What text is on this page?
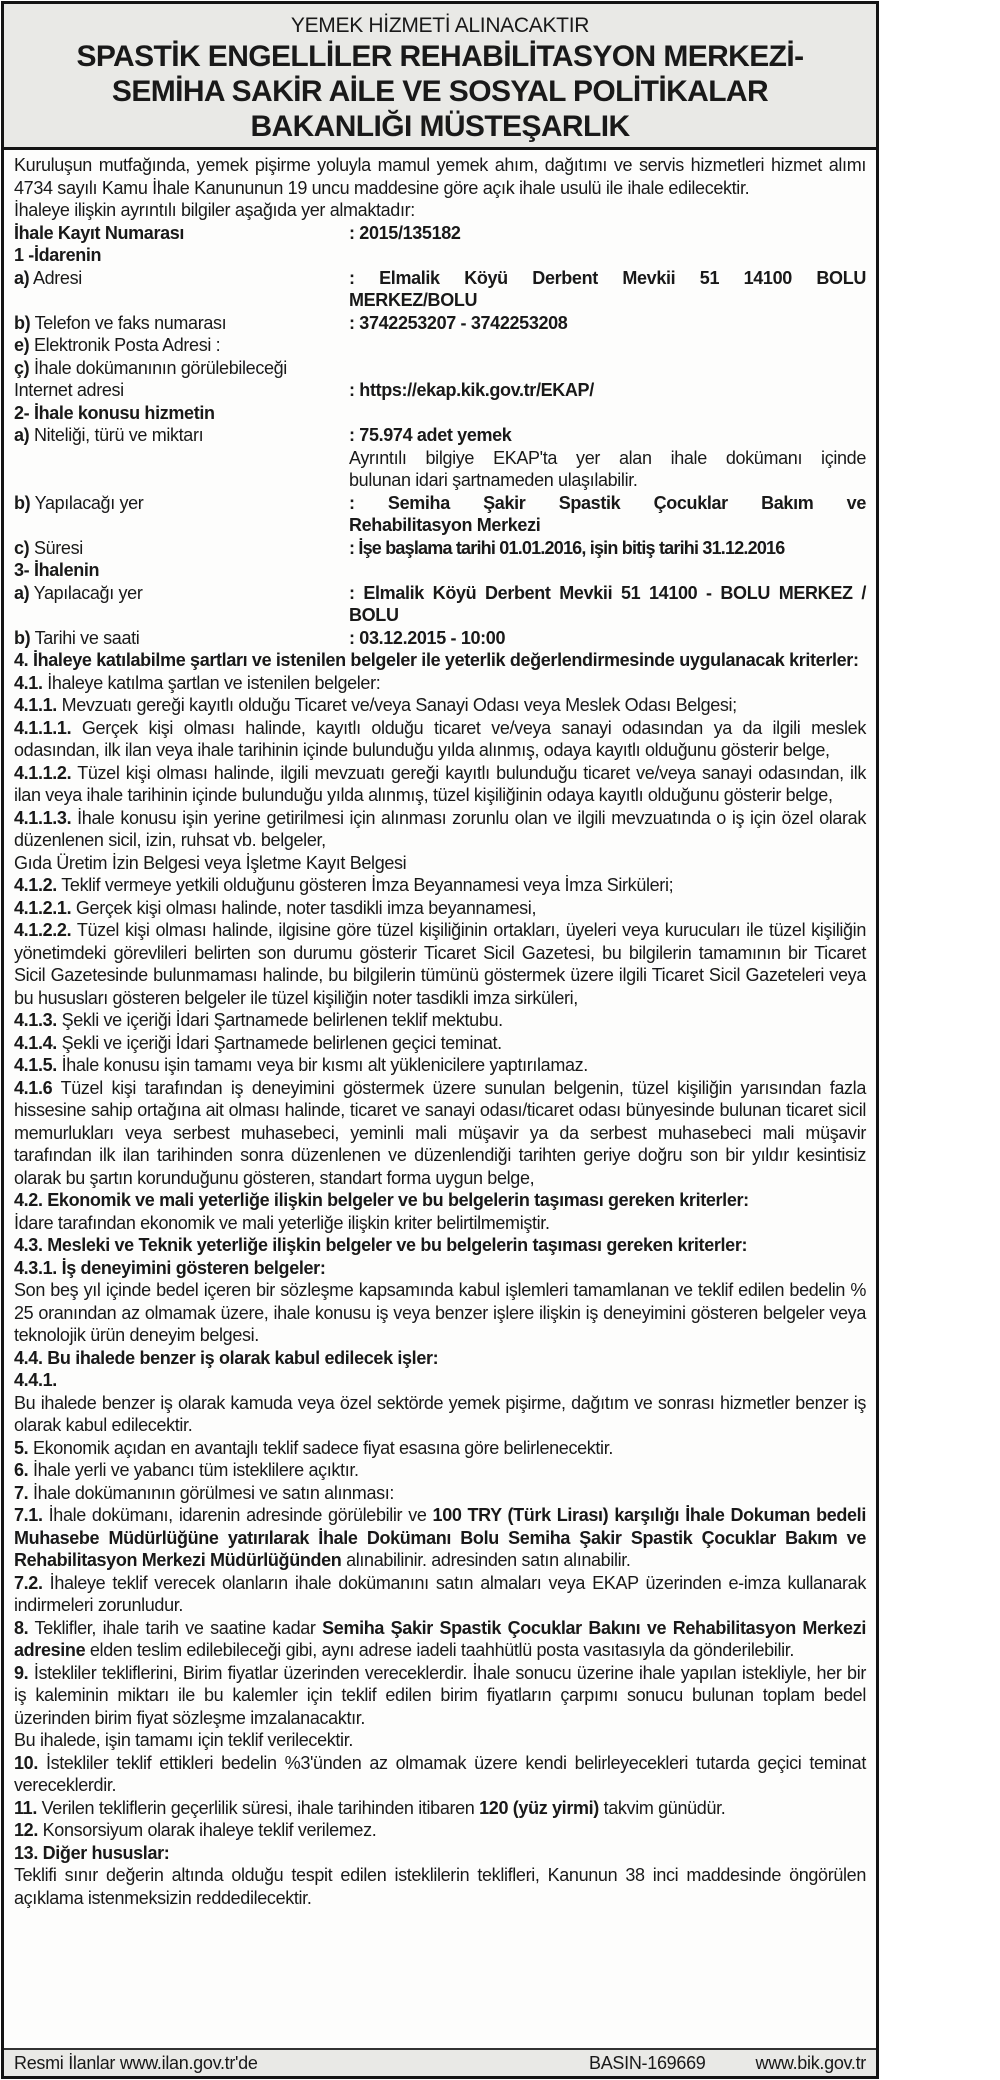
YEMEK HİZMETİ ALINACAKTIR
SPASTİK ENGELLİLER REHABİLİTASYON MERKEZİ-
SEMİHA SAKİR AİLE VE SOSYAL POLİTİKALAR
BAKANLIĞI MÜSTEŞARLIK
Kuruluşun mutfağında, yemek pişirme yoluyla mamul yemek ahım, dağıtımı ve servis hizmetleri hizmet alımı 4734 sayılı Kamu İhale Kanununun 19 uncu maddesine göre açık ihale usulü ile ihale edilecektir.
İhaleye ilişkin ayrıntılı bilgiler aşağıda yer almaktadır:
İhale Kayıt Numarası	: 2015/135182
1 -İdarenin
a) Adresi	: Elmalik Köyü Derbent Mevkii 51 14100 BOLU
MERKEZ/BOLU
b) Telefon ve faks numarası	: 3742253207 - 3742253208
e) Elektronik Posta Adresi :
ç) İhale dokümanının görülebileceği
Internet adresi	: https://ekap.kik.gov.tr/EKAP/
2- İhale konusu hizmetin
a) Niteliği, türü ve miktarı	: 75.974 adet yemek
Ayrıntılı bilgiye EKAP'ta yer alan ihale dokümanı içinde
bulunan idari şartnameden ulaşılabilir.
b) Yapılacağı yer	: Semiha Şakir Spastik Çocuklar Bakım ve
Rehabilitasyon Merkezi
c) Süresi	: İşe başlama tarihi 01.01.2016, işin bitiş tarihi 31.12.2016
3- İhalenin
a) Yapılacağı yer	: Elmalik Köyü Derbent Mevkii 51 14100 - BOLU MERKEZ /
BOLU
b) Tarihi ve saati	: 03.12.2015 - 10:00
4. İhaleye katılabilme şartları ve istenilen belgeler ile yeterlik değerlendirmesinde uygulanacak kriterler:
4.1. İhaleye katılma şartlan ve istenilen belgeler:
4.1.1. Mevzuatı gereği kayıtlı olduğu Ticaret ve/veya Sanayi Odası veya Meslek Odası Belgesi;
4.1.1.1. Gerçek kişi olması halinde, kayıtlı olduğu ticaret ve/veya sanayi odasından ya da ilgili meslek odasından, ilk ilan veya ihale tarihinin içinde bulunduğu yılda alınmış, odaya kayıtlı olduğunu gösterir belge,
4.1.1.2. Tüzel kişi olması halinde, ilgili mevzuatı gereği kayıtlı bulunduğu ticaret ve/veya sanayi odasından, ilk ilan veya ihale tarihinin içinde bulunduğu yılda alınmış, tüzel kişiliğinin odaya kayıtlı olduğunu gösterir belge,
4.1.1.3. İhale konusu işin yerine getirilmesi için alınması zorunlu olan ve ilgili mevzuatında o iş için özel olarak düzenlenen sicil, izin, ruhsat vb. belgeler,
Gıda Üretim İzin Belgesi veya İşletme Kayıt Belgesi
4.1.2. Teklif vermeye yetkili olduğunu gösteren İmza Beyannamesi veya İmza Sirküleri;
4.1.2.1. Gerçek kişi olması halinde, noter tasdikli imza beyannamesi,
4.1.2.2. Tüzel kişi olması halinde, ilgisine göre tüzel kişiliğinin ortakları, üyeleri veya kurucuları ile tüzel kişiliğin yönetimdeki görevlileri belirten son durumu gösterir Ticaret Sicil Gazetesi, bu bilgilerin tamamının bir Ticaret Sicil Gazetesinde bulunmaması halinde, bu bilgilerin tümünü göstermek üzere ilgili Ticaret Sicil Gazeteleri veya bu hususları gösteren belgeler ile tüzel kişiliğin noter tasdikli imza sirküleri,
4.1.3. Şekli ve içeriği İdari Şartnamede belirlenen teklif mektubu.
4.1.4. Şekli ve içeriği İdari Şartnamede belirlenen geçici teminat.
4.1.5. İhale konusu işin tamamı veya bir kısmı alt yüklenicilere yaptırılamaz.
4.1.6 Tüzel kişi tarafından iş deneyimini göstermek üzere sunulan belgenin, tüzel kişiliğin yarısından fazla hissesine sahip ortağına ait olması halinde, ticaret ve sanayi odası/ticaret odası bünyesinde bulunan ticaret sicil memurlukları veya serbest muhasebeci, yeminli mali müşavir ya da serbest muhasebeci mali müşavir tarafından ilk ilan tarihinden sonra düzenlenen ve düzenlendiği tarihten geriye doğru son bir yıldır kesintisiz olarak bu şartın korunduğunu gösteren, standart forma uygun belge,
4.2. Ekonomik ve mali yeterliğe ilişkin belgeler ve bu belgelerin taşıması gereken kriterler:
İdare tarafından ekonomik ve mali yeterliğe ilişkin kriter belirtilmemiştir.
4.3. Mesleki ve Teknik yeterliğe ilişkin belgeler ve bu belgelerin taşıması gereken kriterler:
4.3.1. İş deneyimini gösteren belgeler:
Son beş yıl içinde bedel içeren bir sözleşme kapsamında kabul işlemleri tamamlanan ve teklif edilen bedelin % 25 oranından az olmamak üzere, ihale konusu iş veya benzer işlere ilişkin iş deneyimini gösteren belgeler veya teknolojik ürün deneyim belgesi.
4.4. Bu ihalede benzer iş olarak kabul edilecek işler:
4.4.1.
Bu ihalede benzer iş olarak kamuda veya özel sektörde yemek pişirme, dağıtım ve sonrası hizmetler benzer iş olarak kabul edilecektir.
5. Ekonomik açıdan en avantajlı teklif sadece fiyat esasına göre belirlenecektir.
6. İhale yerli ve yabancı tüm isteklilere açıktır.
7. İhale dokümanının görülmesi ve satın alınması:
7.1. İhale dokümanı, idarenin adresinde görülebilir ve 100 TRY (Türk Lirası) karşılığı İhale Dokuman bedeli Muhasebe Müdürlüğüne yatırılarak İhale Dokümanı Bolu Semiha Şakir Spastik Çocuklar Bakım ve Rehabilitasyon Merkezi Müdürlüğünden alınabilinir. adresinden satın alınabilir.
7.2. İhaleye teklif verecek olanların ihale dokümanını satın almaları veya EKAP üzerinden e-imza kullanarak indirmeleri zorunludur.
8. Teklifler, ihale tarih ve saatine kadar Semiha Şakir Spastik Çocuklar Bakını ve Rehabilitasyon Merkezi adresine elden teslim edilebileceği gibi, aynı adrese iadeli taahhütlü posta vasıtasıyla da gönderilebilir.
9. İstekliler tekliflerini, Birim fiyatlar üzerinden vereceklerdir. İhale sonucu üzerine ihale yapılan istekliyle, her bir iş kaleminin miktarı ile bu kalemler için teklif edilen birim fiyatların çarpımı sonucu bulunan toplam bedel üzerinden birim fiyat sözleşme imzalanacaktır.
Bu ihalede, işin tamamı için teklif verilecektir.
10. İstekliler teklif ettikleri bedelin %3'ünden az olmamak üzere kendi belirleyecekleri tutarda geçici teminat vereceklerdir.
11. Verilen tekliflerin geçerlilik süresi, ihale tarihinden itibaren 120 (yüz yirmi) takvim günüdür.
12. Konsorsiyum olarak ihaleye teklif verilemez.
13. Diğer hususlar:
Teklifi sınır değerin altında olduğu tespit edilen isteklilerin teklifleri, Kanunun 38 inci maddesinde öngörülen açıklama istenmeksizin reddedilecektir.
Resmi İlanlar www.ilan.gov.tr'de	BASIN-169669	www.bik.gov.tr
